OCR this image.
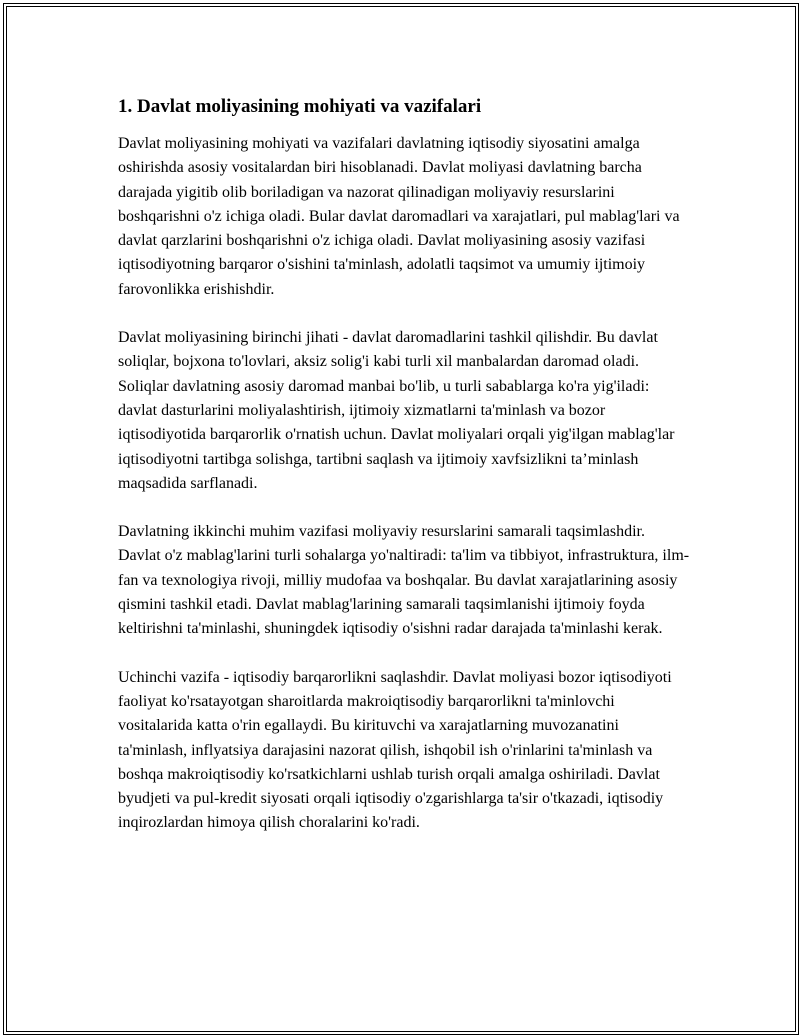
1. Davlat moliyasining mohiyati va vazifalari

Davlat moliyasining mohiyati va vazifalari davlatning iqtisodiy siyosatini amalga oshirishda asosiy vositalardan biri hisoblanadi. Davlat moliyasi davlatning barcha darajada yigitib olib boriladigan va nazorat qilinadigan moliyaviy resurslarini boshqarishni o'z ichiga oladi. Bular davlat daromadlari va xarajatlari, pul mablag'lari va davlat qarzlarini boshqarishni o'z ichiga oladi. Davlat moliyasining asosiy vazifasi iqtisodiyotning barqaror o'sishini ta'minlash, adolatli taqsimot va umumiy ijtimoiy farovonlikka erishishdir.

Davlat moliyasining birinchi jihati - davlat daromadlarini tashkil qilishdir. Bu davlat soliqlar, bojxona to'lovlari, aksiz solig'i kabi turli xil manbalardan daromad oladi. Soliqlar davlatning asosiy daromad manbai bo'lib, u turli sabablarga ko'ra yig'iladi: davlat dasturlarini moliyalashtirish, ijtimoiy xizmatlarni ta'minlash va bozor iqtisodiyotida barqarorlik o'rnatish uchun. Davlat moliyalari orqali yig'ilgan mablag'lar iqtisodiyotni tartibga solishga, tartibni saqlash va ijtimoiy xavfsizlikni ta’minlash maqsadida sarflanadi.

Davlatning ikkinchi muhim vazifasi moliyaviy resurslarini samarali taqsimlashdir. Davlat o'z mablag'larini turli sohalarga yo'naltiradi: ta'lim va tibbiyot, infrastruktura, ilm-fan va texnologiya rivoji, milliy mudofaa va boshqalar. Bu davlat xarajatlarining asosiy qismini tashkil etadi. Davlat mablag'larining samarali taqsimlanishi ijtimoiy foyda keltirishni ta'minlashi, shuningdek iqtisodiy o'sishni radar darajada ta'minlashi kerak.

Uchinchi vazifa - iqtisodiy barqarorlikni saqlashdir. Davlat moliyasi bozor iqtisodiyoti faoliyat ko'rsatayotgan sharoitlarda makroiqtisodiy barqarorlikni ta'minlovchi vositalarida katta o'rin egallaydi. Bu kirituvchi va xarajatlarning muvozanatini ta'minlash, inflyatsiya darajasini nazorat qilish, ishqobil ish o'rinlarini ta'minlash va boshqa makroiqtisodiy ko'rsatkichlarni ushlab turish orqali amalga oshiriladi. Davlat byudjeti va pul-kredit siyosati orqali iqtisodiy o'zgarishlarga ta'sir o'tkazadi, iqtisodiy inqirozlardan himoya qilish choralarini ko'radi.
